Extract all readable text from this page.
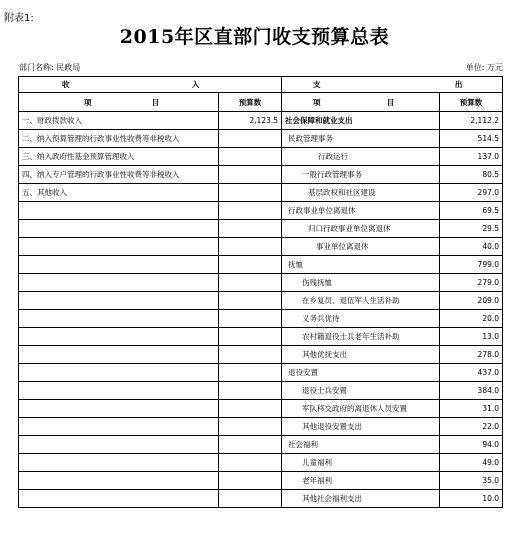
附表1:
2015年区直部门收支预算总表
部门名称: 民政局	单位: 万元
收 入		支 出	
项 目	预算数	项 目	预算数
一、财政拨款收入	2,123.5	社会保障和就业支出	2,112.2
二、纳入预算管理的行政事业性收费等非税收入		民政管理事务	514.5
三、纳入政府性基金预算管理收入		行政运行	137.0
四、纳入专户管理的行政事业性收费等非税收入		一般行政管理事务	80.5
五、其他收入		基层政权和社区建设	297.0
		行政事业单位离退休	69.5
		归口行政事业单位离退休	29.5
		事业单位离退休	40.0
		抚恤	799.0
		伤残抚恤	279.0
		在乡复员、退伍军人生活补助	209.0
		义务兵优待	20.0
		农村籍退役士兵老年生活补助	13.0
		其他优抚支出	278.0
		退役安置	437.0
		退役士兵安置	384.0
		军队移交政府的离退休人员安置	31.0
		其他退役安置支出	22.0
		社会福利	94.0
		儿童福利	49.0
		老年福利	35.0
		其他社会福利支出	10.0
